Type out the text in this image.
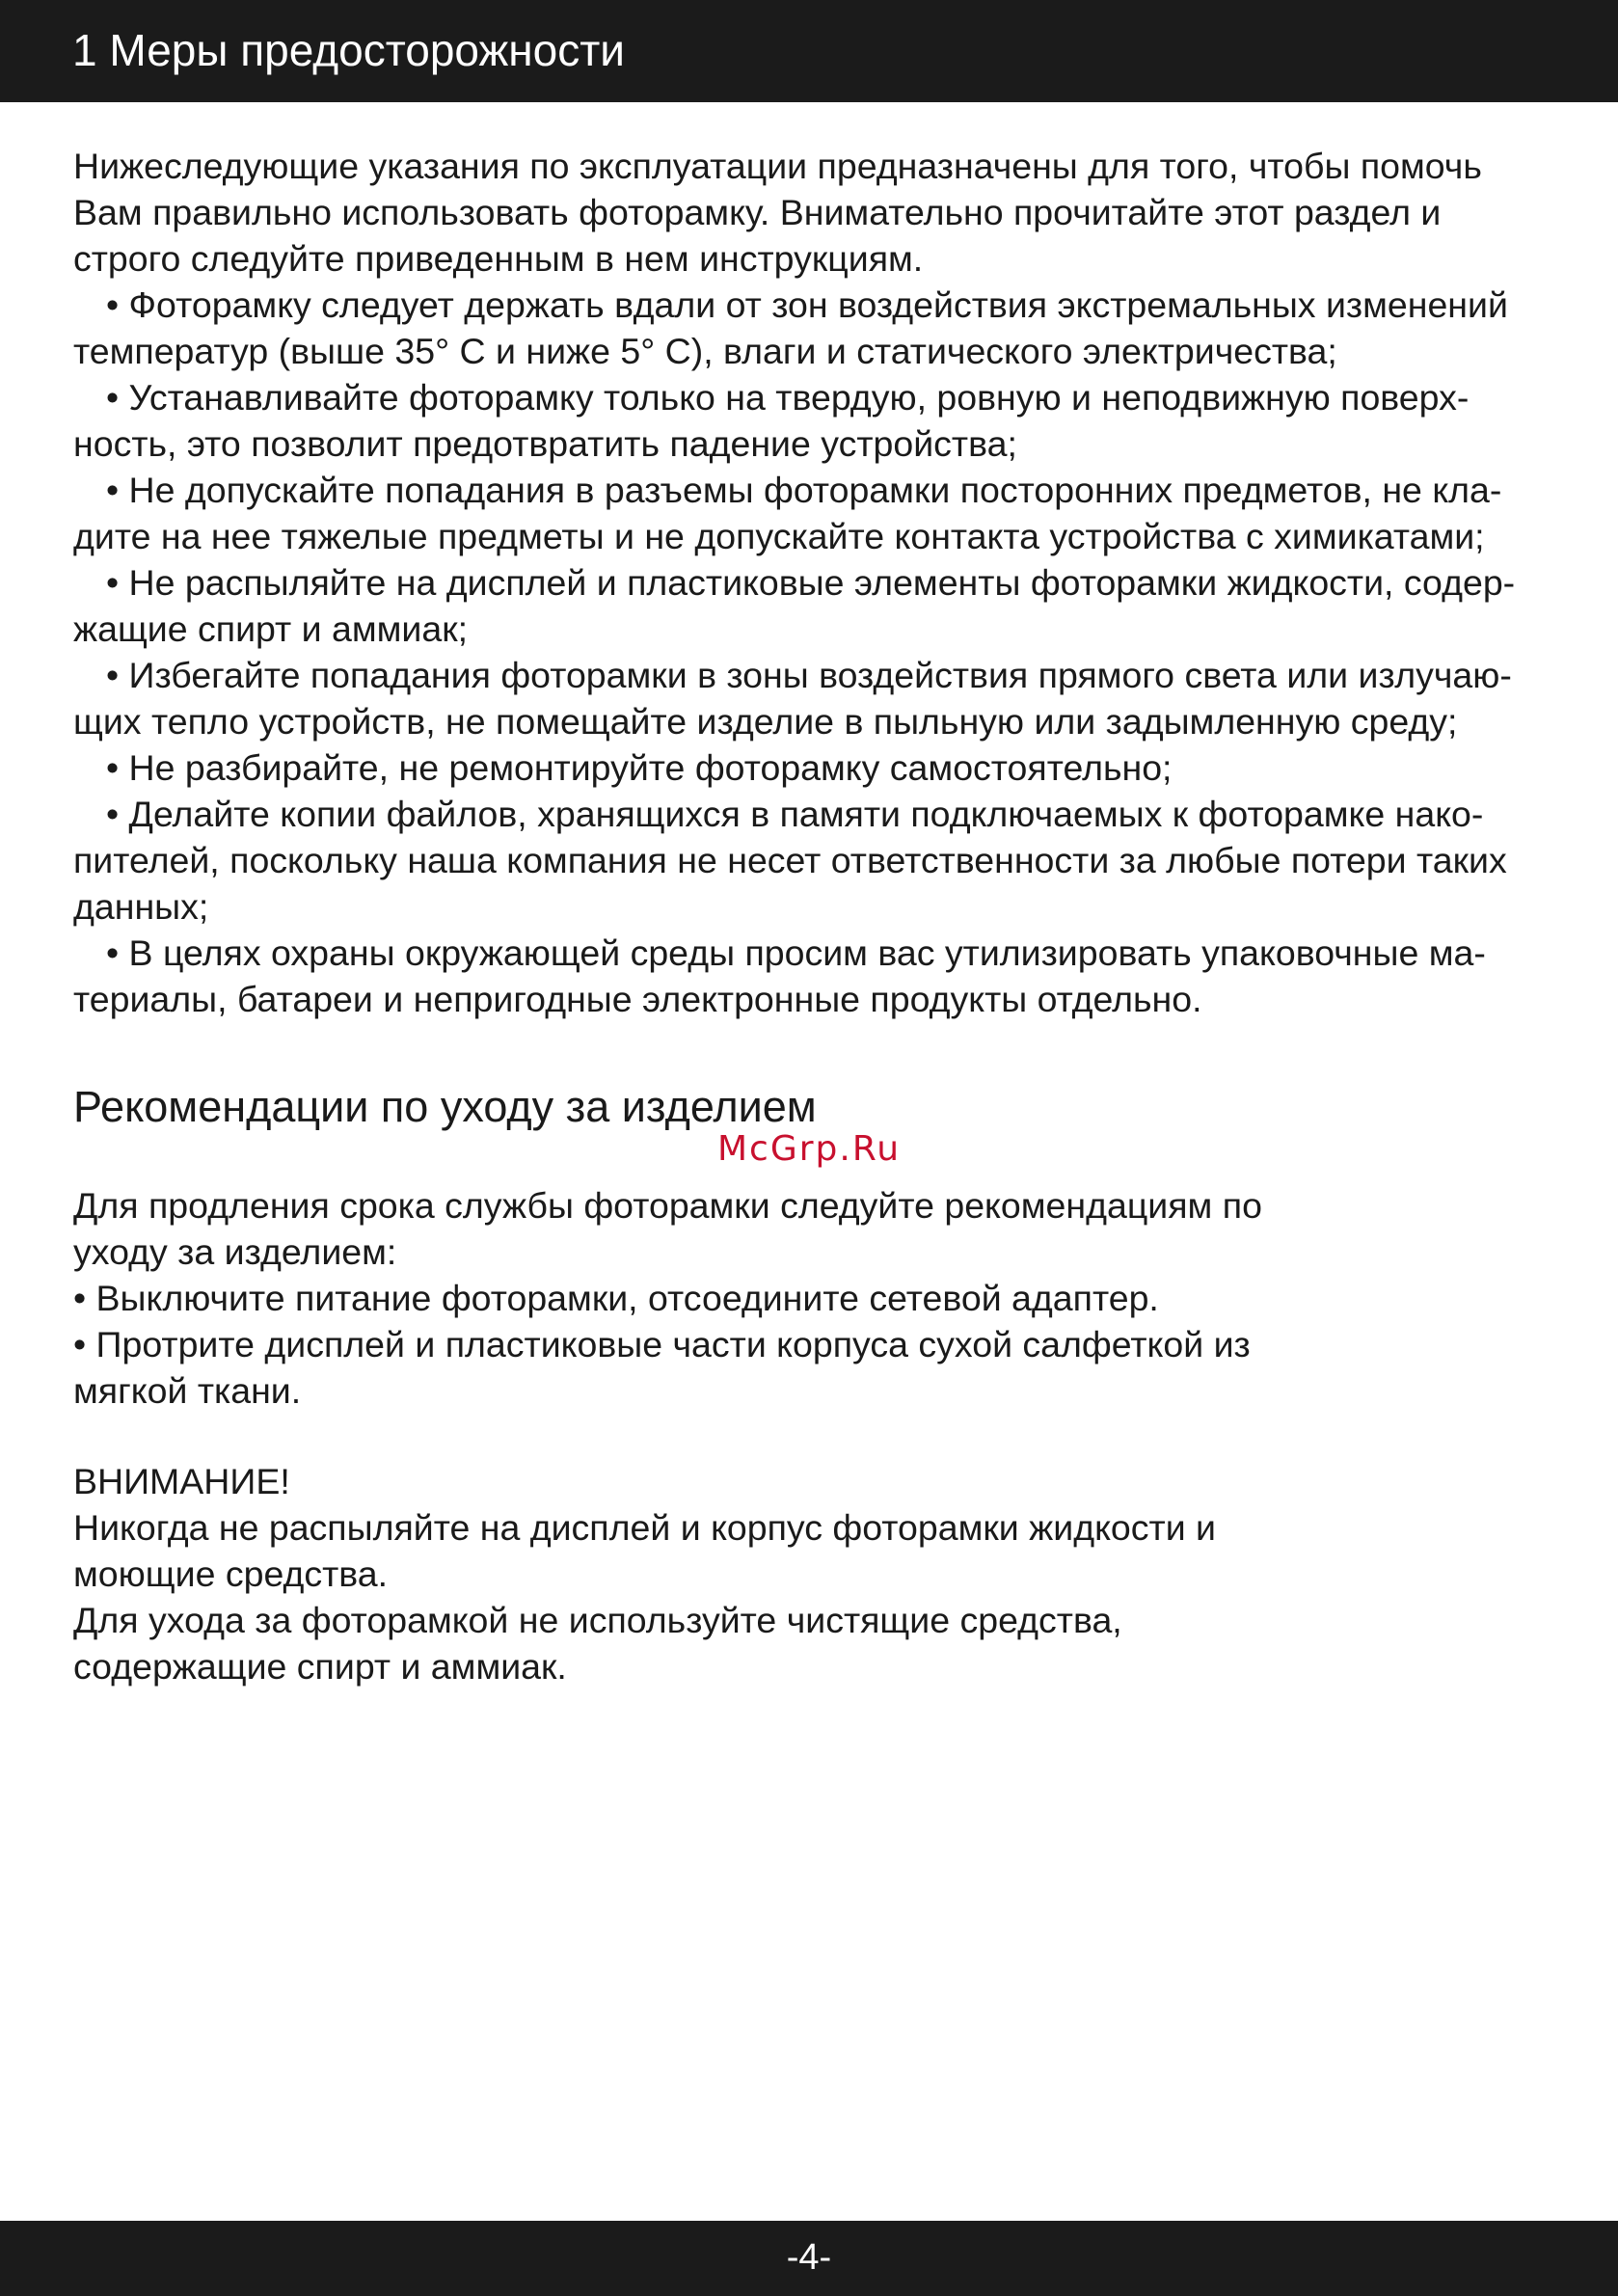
1 Меры предосторожности
Нижеследующие указания по эксплуатации предназначены для того, чтобы помочь
Вам правильно использовать фоторамку. Внимательно прочитайте этот раздел и
строго следуйте приведенным в нем инструкциям.
• Фоторамку следует держать вдали от зон воздействия экстремальных изменений
температур (выше 35° С и ниже 5° С), влаги и статического электричества;
• Устанавливайте фоторамку только на твердую, ровную и неподвижную поверх-
ность, это позволит предотвратить падение устройства;
• Не допускайте попадания в разъемы фоторамки посторонних предметов, не кла-
дите на нее тяжелые предметы и не допускайте контакта устройства с химикатами;
• Не распыляйте на дисплей и пластиковые элементы фоторамки жидкости, содер-
жащие спирт и аммиак;
• Избегайте попадания фоторамки в зоны воздействия прямого света или излучаю-
щих тепло устройств, не помещайте изделие в пыльную или задымленную среду;
• Не разбирайте, не ремонтируйте фоторамку самостоятельно;
• Делайте копии файлов, хранящихся в памяти подключаемых к фоторамке нако-
пителей, поскольку наша компания не несет ответственности за любые потери таких
данных;
• В целях охраны окружающей среды просим вас утилизировать упаковочные ма-
териалы, батареи и непригодные электронные продукты отдельно.
Рекомендации по уходу за изделием
McGrp.Ru
Для продления срока службы фоторамки следуйте рекомендациям по
уходу за изделием:
• Выключите питание фоторамки, отсоедините сетевой адаптер.
• Протрите дисплей и пластиковые части корпуса сухой салфеткой из
мягкой ткани.
ВНИМАНИЕ!
Никогда не распыляйте на дисплей и корпус фоторамки жидкости и
моющие средства.
Для ухода за фоторамкой не используйте чистящие средства,
содержащие спирт и аммиак.
-4-
